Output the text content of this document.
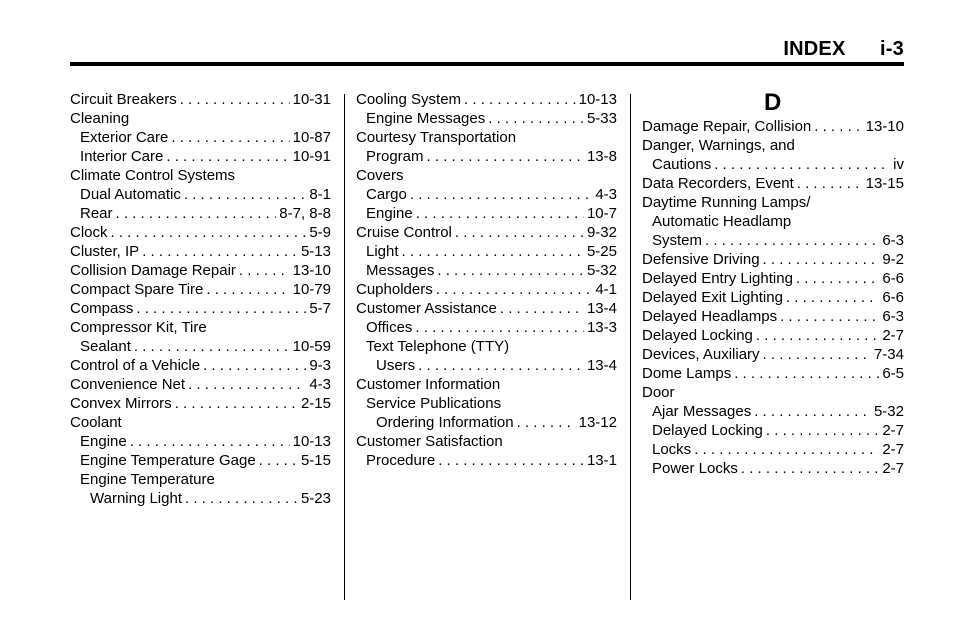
INDEX      i-3
Circuit Breakers . . .	10-31
Cleaning
Exterior Care . . .	10-87
Interior Care . . .	10-91
Climate Control Systems
Dual Automatic . . .	8-1
Rear . . .	8-7, 8-8
Clock . . .	5-9
Cluster, IP . . .	5-13
Collision Damage Repair . . .	13-10
Compact Spare Tire . . .	10-79
Compass . . .	5-7
Compressor Kit, Tire
Sealant . . .	10-59
Control of a Vehicle . . .	9-3
Convenience Net . . .	4-3
Convex Mirrors . . .	2-15
Coolant
Engine . . .	10-13
Engine Temperature Gage . . .	5-15
Engine Temperature
Warning Light . . .	5-23
Cooling System . . .	10-13
Engine Messages . . .	5-33
Courtesy Transportation
Program . . .	13-8
Covers
Cargo . . .	4-3
Engine . . .	10-7
Cruise Control . . .	9-32
Light . . .	5-25
Messages . . .	5-32
Cupholders . . .	4-1
Customer Assistance . . .	13-4
Offices . . .	13-3
Text Telephone (TTY)
Users . . .	13-4
Customer Information
Service Publications
Ordering Information . . .	13-12
Customer Satisfaction
Procedure . . .	13-1
D
Damage Repair, Collision . . .	13-10
Danger, Warnings, and
Cautions . . .	iv
Data Recorders, Event . . .	13-15
Daytime Running Lamps/
Automatic Headlamp
System . . .	6-3
Defensive Driving . . .	9-2
Delayed Entry Lighting . . .	6-6
Delayed Exit Lighting . . .	6-6
Delayed Headlamps . . .	6-3
Delayed Locking . . .	2-7
Devices, Auxiliary . . .	7-34
Dome Lamps . . .	6-5
Door
Ajar Messages . . .	5-32
Delayed Locking . . .	2-7
Locks . . .	2-7
Power Locks . . .	2-7
